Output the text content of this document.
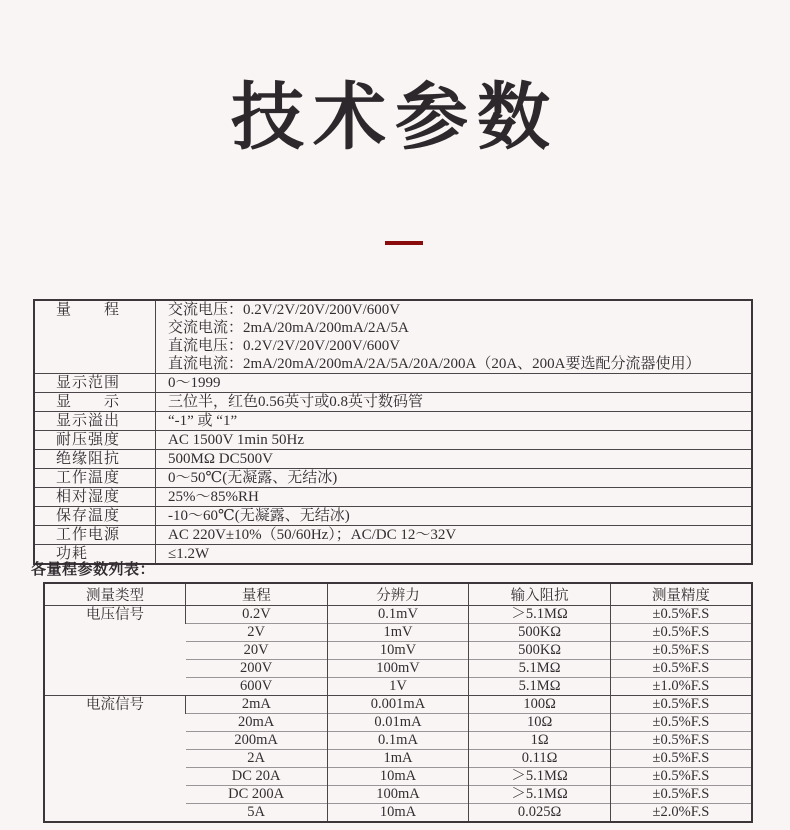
技术参数
量　　程	交流电压：0.2V/2V/20V/200V/600V
交流电流：2mA/20mA/200mA/2A/5A
直流电压：0.2V/2V/20V/200V/600V
直流电流：2mA/20mA/200mA/2A/5A/20A/200A（20A、200A要选配分流器使用）

显示范围	0～1999
显　　示	三位半，红色0.56英寸或0.8英寸数码管
显示溢出	“-1” 或 “1”
耐压强度	AC 1500V 1min 50Hz
绝缘阻抗	500MΩ DC500V
工作温度	0～50℃(无凝露、无结冰)
相对湿度	25%～85%RH
保存温度	-10～60℃(无凝露、无结冰)
工作电源	AC 220V±10%（50/60Hz）；AC/DC 12～32V
功耗	≤1.2W
各量程参数列表：
测量类型	量程	分辨力	输入阻抗	测量精度
电压信号	0.2V	0.1mV	＞5.1MΩ	±0.5%F.S
	2V	1mV	500KΩ	±0.5%F.S
	20V	10mV	500KΩ	±0.5%F.S
	200V	100mV	5.1MΩ	±0.5%F.S
	600V	1V	5.1MΩ	±1.0%F.S
电流信号	2mA	0.001mA	100Ω	±0.5%F.S
	20mA	0.01mA	10Ω	±0.5%F.S
	200mA	0.1mA	1Ω	±0.5%F.S
	2A	1mA	0.11Ω	±0.5%F.S
	DC 20A	10mA	＞5.1MΩ	±0.5%F.S
	DC 200A	100mA	＞5.1MΩ	±0.5%F.S
	5A	10mA	0.025Ω	±2.0%F.S
